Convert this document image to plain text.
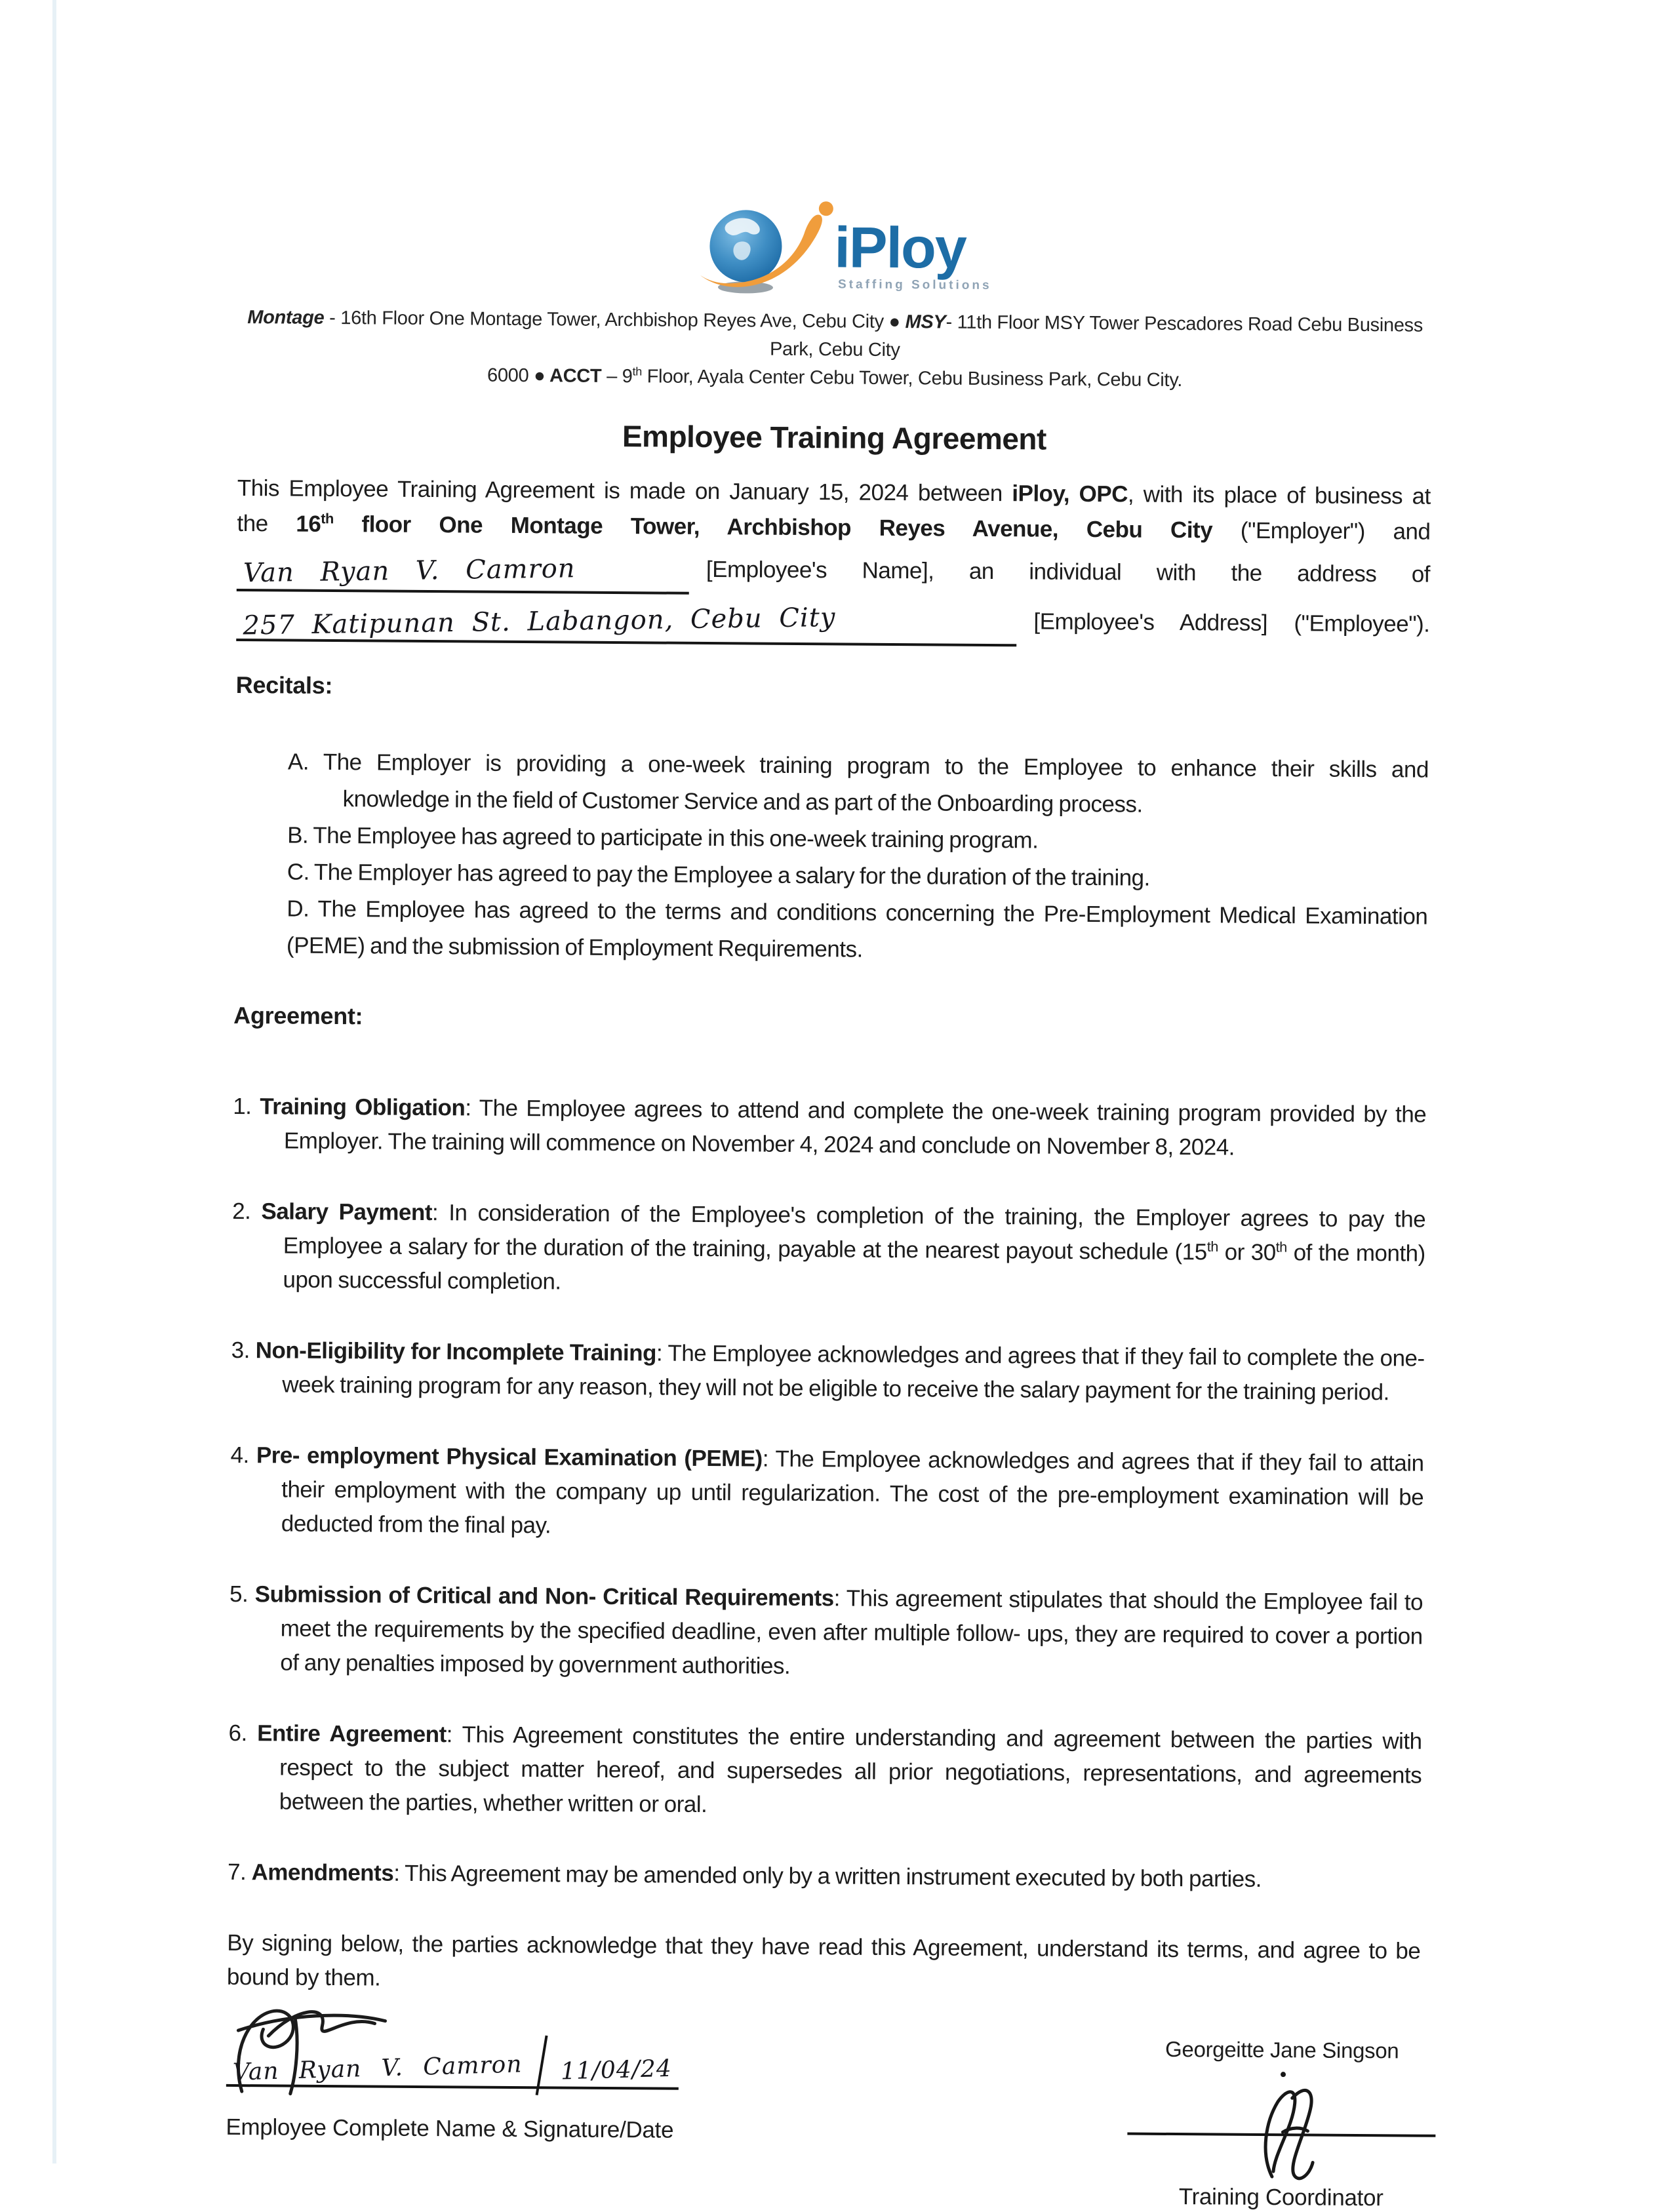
iPloy
Staffing Solutions
Montage - 16th Floor One Montage Tower, Archbishop Reyes Ave, Cebu City ● MSY- 11th Floor MSY Tower Pescadores Road Cebu Business Park, Cebu City
6000 ● ACCT – 9th Floor, Ayala Center Cebu Tower, Cebu Business Park, Cebu City.
Employee Training Agreement
This Employee Training Agreement is made on January 15, 2024 between iPloy, OPC, with its place of business at
the 16th floor One Montage Tower, Archbishop Reyes Avenue, Cebu City ("Employer") and
Van Ryan V. Camron	[Employee's Name], an individual with the address of
257 Katipunan St. Labangon, Cebu City	[Employee's Address] ("Employee").
Recitals:
A. The Employer is providing a one-week training program to the Employee to enhance their skills and
knowledge in the field of Customer Service and as part of the Onboarding process.
B. The Employee has agreed to participate in this one-week training program.
C. The Employer has agreed to pay the Employee a salary for the duration of the training.
D. The Employee has agreed to the terms and conditions concerning the Pre-Employment Medical Examination
(PEME) and the submission of Employment Requirements.
Agreement:
1. Training Obligation: The Employee agrees to attend and complete the one-week training program provided by the Employer. The training will commence on November 4, 2024 and conclude on November 8, 2024.
2. Salary Payment: In consideration of the Employee's completion of the training, the Employer agrees to pay the Employee a salary for the duration of the training, payable at the nearest payout schedule (15th or 30th of the month) upon successful completion.
3. Non-Eligibility for Incomplete Training: The Employee acknowledges and agrees that if they fail to complete the one-week training program for any reason, they will not be eligible to receive the salary payment for the training period.
4. Pre- employment Physical Examination (PEME): The Employee acknowledges and agrees that if they fail to attain their employment with the company up until regularization. The cost of the pre-employment examination will be deducted from the final pay.
5. Submission of Critical and Non- Critical Requirements: This agreement stipulates that should the Employee fail to meet the requirements by the specified deadline, even after multiple follow- ups, they are required to cover a portion of any penalties imposed by government authorities.
6. Entire Agreement: This Agreement constitutes the entire understanding and agreement between the parties with respect to the subject matter hereof, and supersedes all prior negotiations, representations, and agreements between the parties, whether written or oral.
7. Amendments: This Agreement may be amended only by a written instrument executed by both parties.
By signing below, the parties acknowledge that they have read this Agreement, understand its terms, and agree to be bound by them.
Van Ryan V. Camron 11/04/24
Employee Complete Name & Signature/Date
Georgeitte Jane Singson
Training Coordinator
